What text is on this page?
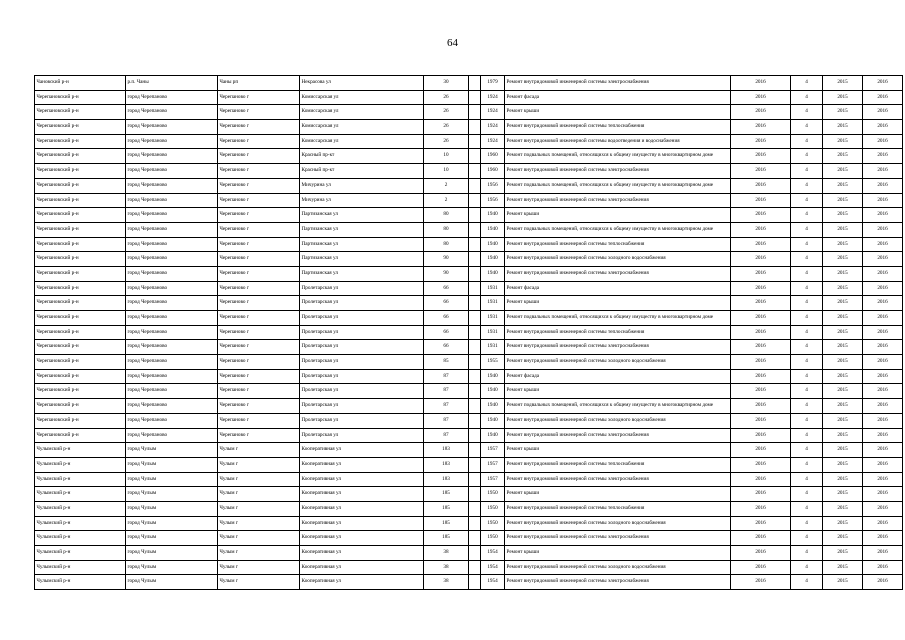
64
Чановский р-н	р.п. Чаны	Чаны рп	Некрасова ул	30		1979	Ремонт внутридомовой инженерной системы электроснабжения	2016	4	2015	2016
Черепановский р-н	город Черепаново	Черепаново г	Комиссарская ул	26		1924	Ремонт фасада	2016	4	2015	2016
Черепановский р-н	город Черепаново	Черепаново г	Комиссарская ул	26		1924	Ремонт крыши	2016	4	2015	2016
Черепановский р-н	город Черепаново	Черепаново г	Комиссарская ул	26		1924	Ремонт внутридомовой инженерной системы теплоснабжения	2016	4	2015	2016
Черепановский р-н	город Черепаново	Черепаново г	Комиссарская ул	26		1924	Ремонт внутридомовой инженерной системы водоотведения и водоснабжения	2016	4	2015	2016
Черепановский р-н	город Черепаново	Черепаново г	Красный пр-кт	10		1960	Ремонт подвальных помещений, относящихся к общему имуществу в многоквартирном доме	2016	4	2015	2016
Черепановский р-н	город Черепаново	Черепаново г	Красный пр-кт	10		1960	Ремонт внутридомовой инженерной системы электроснабжения	2016	4	2015	2016
Черепановский р-н	город Черепаново	Черепаново г	Мичурина ул	2		1956	Ремонт подвальных помещений, относящихся к общему имуществу в многоквартирном доме	2016	4	2015	2016
Черепановский р-н	город Черепаново	Черепаново г	Мичурина ул	2		1956	Ремонт внутридомовой инженерной системы электроснабжения	2016	4	2015	2016
Черепановский р-н	город Черепаново	Черепаново г	Партизанская ул	80		1940	Ремонт крыши	2016	4	2015	2016
Черепановский р-н	город Черепаново	Черепаново г	Партизанская ул	80		1940	Ремонт подвальных помещений, относящихся к общему имуществу в многоквартирном доме	2016	4	2015	2016
Черепановский р-н	город Черепаново	Черепаново г	Партизанская ул	80		1940	Ремонт внутридомовой инженерной системы теплоснабжения	2016	4	2015	2016
Черепановский р-н	город Черепаново	Черепаново г	Партизанская ул	90		1940	Ремонт внутридомовой инженерной системы холодного водоснабжения	2016	4	2015	2016
Черепановский р-н	город Черепаново	Черепаново г	Партизанская ул	90		1940	Ремонт внутридомовой инженерной системы электроснабжения	2016	4	2015	2016
Черепановский р-н	город Черепаново	Черепаново г	Пролетарская ул	66		1931	Ремонт фасада	2016	4	2015	2016
Черепановский р-н	город Черепаново	Черепаново г	Пролетарская ул	66		1931	Ремонт крыши	2016	4	2015	2016
Черепановский р-н	город Черепаново	Черепаново г	Пролетарская ул	66		1931	Ремонт подвальных помещений, относящихся к общему имуществу в многоквартирном доме	2016	4	2015	2016
Черепановский р-н	город Черепаново	Черепаново г	Пролетарская ул	66		1931	Ремонт внутридомовой инженерной системы теплоснабжения	2016	4	2015	2016
Черепановский р-н	город Черепаново	Черепаново г	Пролетарская ул	66		1931	Ремонт внутридомовой инженерной системы электроснабжения	2016	4	2015	2016
Черепановский р-н	город Черепаново	Черепаново г	Пролетарская ул	85		1955	Ремонт внутридомовой инженерной системы холодного водоснабжения	2016	4	2015	2016
Черепановский р-н	город Черепаново	Черепаново г	Пролетарская ул	87		1940	Ремонт фасада	2016	4	2015	2016
Черепановский р-н	город Черепаново	Черепаново г	Пролетарская ул	87		1940	Ремонт крыши	2016	4	2015	2016
Черепановский р-н	город Черепаново	Черепаново г	Пролетарская ул	87		1940	Ремонт подвальных помещений, относящихся к общему имуществу в многоквартирном доме	2016	4	2015	2016
Черепановский р-н	город Черепаново	Черепаново г	Пролетарская ул	87		1940	Ремонт внутридомовой инженерной системы холодного водоснабжения	2016	4	2015	2016
Черепановский р-н	город Черепаново	Черепаново г	Пролетарская ул	87		1940	Ремонт внутридомовой инженерной системы электроснабжения	2016	4	2015	2016
Чулымский р-н	город Чулым	Чулым г	Кооперативная ул	183		1957	Ремонт крыши	2016	4	2015	2016
Чулымский р-н	город Чулым	Чулым г	Кооперативная ул	183		1957	Ремонт внутридомовой инженерной системы теплоснабжения	2016	4	2015	2016
Чулымский р-н	город Чулым	Чулым г	Кооперативная ул	183		1957	Ремонт внутридомовой инженерной системы электроснабжения	2016	4	2015	2016
Чулымский р-н	город Чулым	Чулым г	Кооперативная ул	185		1950	Ремонт крыши	2016	4	2015	2016
Чулымский р-н	город Чулым	Чулым г	Кооперативная ул	185		1950	Ремонт внутридомовой инженерной системы теплоснабжения	2016	4	2015	2016
Чулымский р-н	город Чулым	Чулым г	Кооперативная ул	185		1950	Ремонт внутридомовой инженерной системы холодного водоснабжения	2016	4	2015	2016
Чулымский р-н	город Чулым	Чулым г	Кооперативная ул	185		1950	Ремонт внутридомовой инженерной системы электроснабжения	2016	4	2015	2016
Чулымский р-н	город Чулым	Чулым г	Кооперативная ул	38		1954	Ремонт крыши	2016	4	2015	2016
Чулымский р-н	город Чулым	Чулым г	Кооперативная ул	38		1954	Ремонт внутридомовой инженерной системы холодного водоснабжения	2016	4	2015	2016
Чулымский р-н	город Чулым	Чулым г	Кооперативная ул	38		1954	Ремонт внутридомовой инженерной системы электроснабжения	2016	4	2015	2016
